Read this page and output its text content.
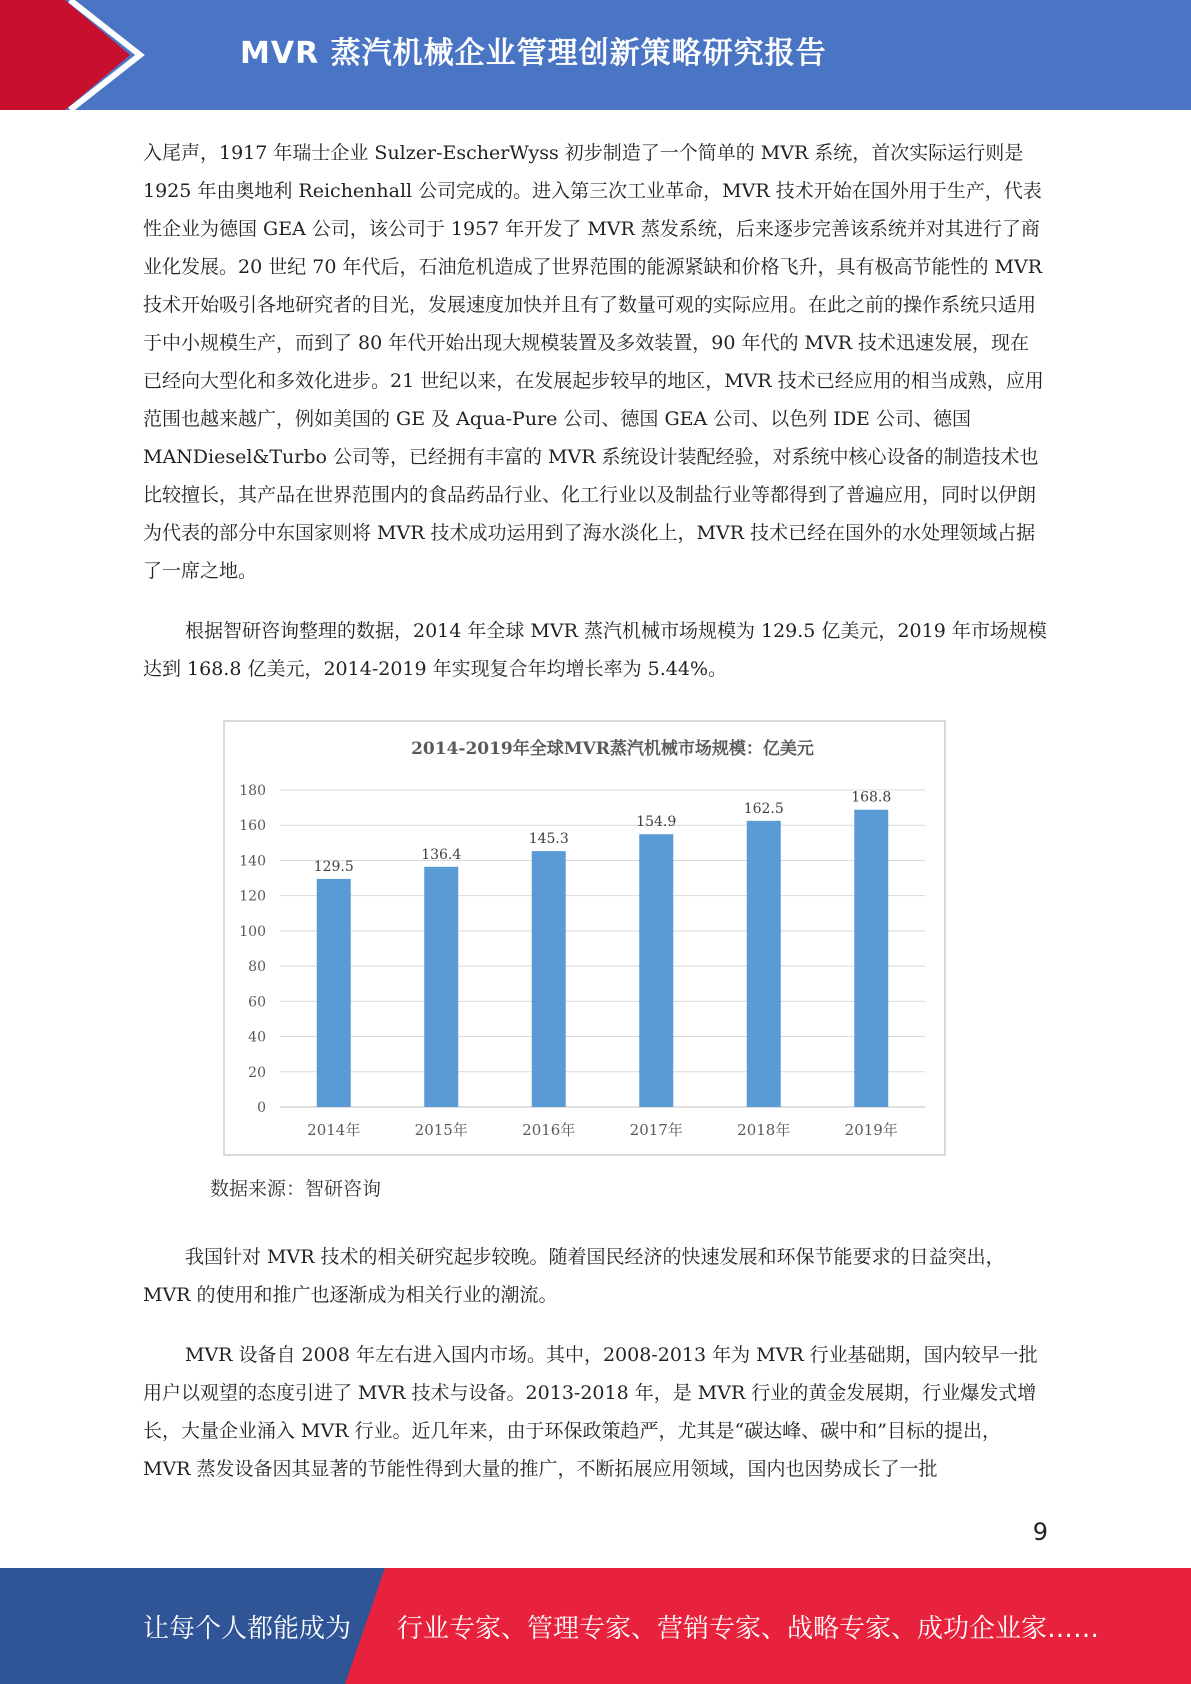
MVR 蒸汽机械企业管理创新策略研究报告

入尾声，1917 年瑞士企业 Sulzer-EscherWyss 初步制造了一个简单的 MVR 系统，首次实际运行则是 1925 年由奥地利 Reichenhall 公司完成的。进入第三次工业革命，MVR 技术开始在国外用于生产，代表性企业为德国 GEA 公司，该公司于 1957 年开发了 MVR 蒸发系统，后来逐步完善该系统并对其进行了商业化发展。20 世纪 70 年代后，石油危机造成了世界范围的能源紧缺和价格飞升，具有极高节能性的 MVR 技术开始吸引各地研究者的目光，发展速度加快并且有了数量可观的实际应用。在此之前的操作系统只适用于中小规模生产，而到了 80 年代开始出现大规模装置及多效装置，90 年代的 MVR 技术迅速发展，现在已经向大型化和多效化进步。21 世纪以来，在发展起步较早的地区，MVR 技术已经应用的相当成熟，应用范围也越来越广，例如美国的 GE 及 Aqua-Pure 公司、德国 GEA 公司、以色列 IDE 公司、德国 MANDiesel&Turbo 公司等，已经拥有丰富的 MVR 系统设计装配经验，对系统中核心设备的制造技术也比较擅长，其产品在世界范围内的食品药品行业、化工行业以及制盐行业等都得到了普遍应用，同时以伊朗为代表的部分中东国家则将 MVR 技术成功运用到了海水淡化上，MVR 技术已经在国外的水处理领域占据了一席之地。

根据智研咨询整理的数据，2014 年全球 MVR 蒸汽机械市场规模为 129.5 亿美元，2019 年市场规模达到 168.8 亿美元，2014-2019 年实现复合年均增长率为 5.44%。

2014-2019年全球MVR蒸汽机械市场规模：亿美元
0
20
40
60
80
100
120
140
160
180
129.5
2014年
136.4
2015年
145.3
2016年
154.9
2017年
162.5
2018年
168.8
2019年
数据来源：智研咨询

我国针对 MVR 技术的相关研究起步较晚。随着国民经济的快速发展和环保节能要求的日益突出，MVR 的使用和推广也逐渐成为相关行业的潮流。

MVR 设备自 2008 年左右进入国内市场。其中，2008-2013 年为 MVR 行业基础期，国内较早一批用户以观望的态度引进了 MVR 技术与设备。2013-2018 年，是 MVR 行业的黄金发展期，行业爆发式增长，大量企业涌入 MVR 行业。近几年来，由于环保政策趋严，尤其是“碳达峰、碳中和”目标的提出，MVR 蒸发设备因其显著的节能性得到大量的推广，不断拓展应用领域，国内也因势成长了一批

9
让每个人都能成为 行业专家、管理专家、营销专家、战略专家、成功企业家……
